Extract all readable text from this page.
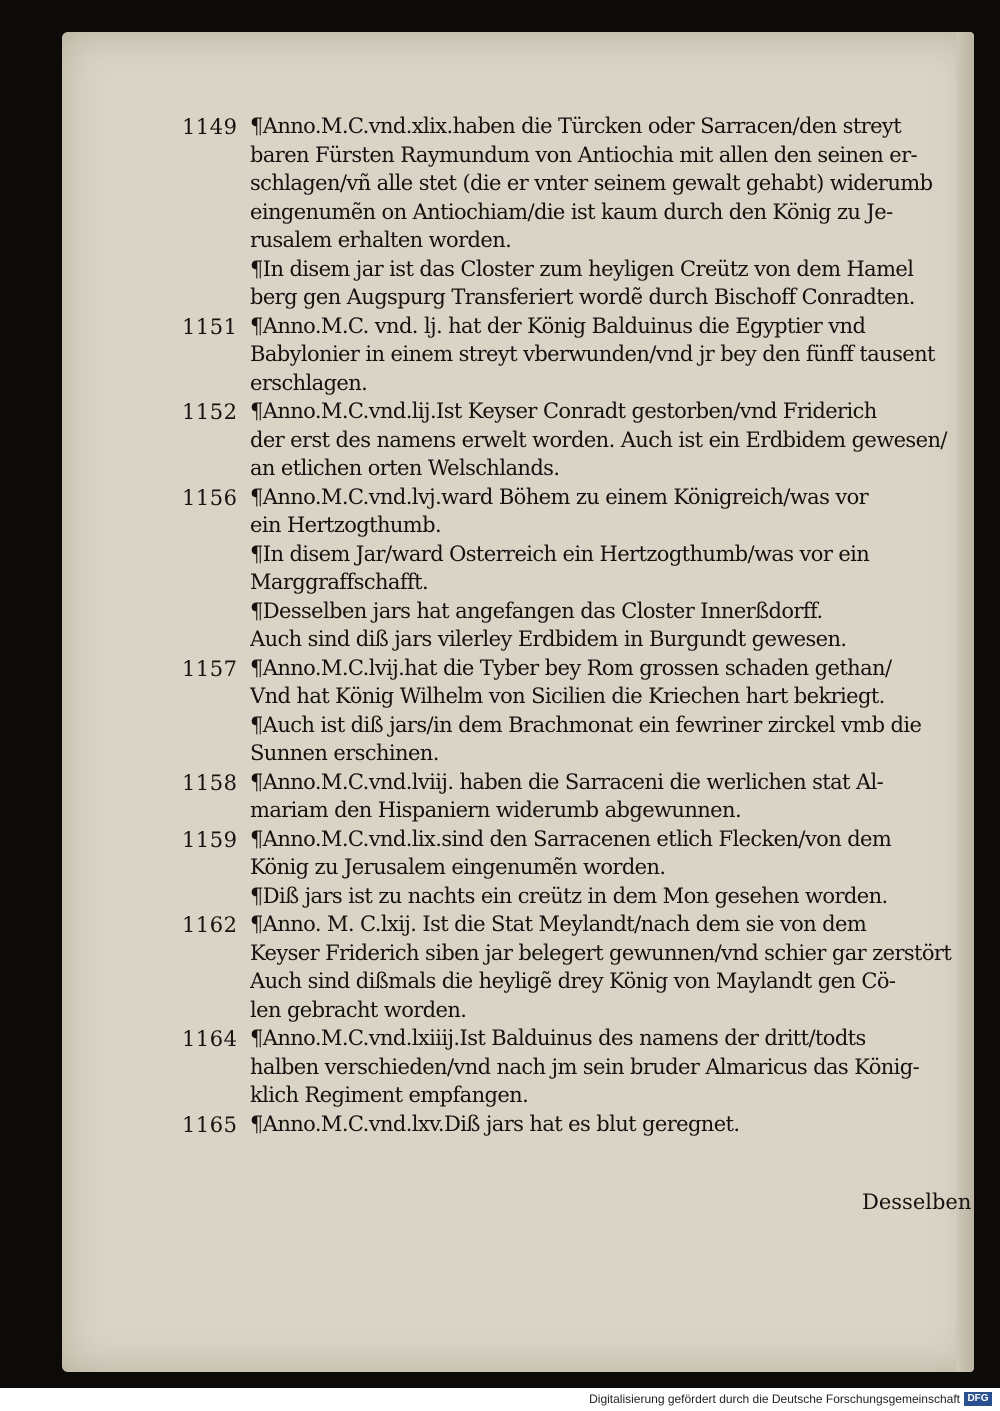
1149 ¶Anno.M.C.vnd.xlix.haben die Türcken oder Sarracen/den streyt
baren Fürsten Raymundum von Antiochia mit allen den seinen er-
schlagen/vñ alle stet (die er vnter seinem gewalt gehabt) widerumb
eingenumẽn on Antiochiam/die ist kaum durch den König zu Je-
rusalem erhalten worden.
¶In disem jar ist das Closter zum heyligen Creütz von dem Hamel
berg gen Augspurg Transferiert wordẽ durch Bischoff Conradten.
1151 ¶Anno.M.C. vnd. lj. hat der König Balduinus die Egyptier vnd
Babylonier in einem streyt vberwunden/vnd jr bey den fünff tausent
erschlagen.
1152 ¶Anno.M.C.vnd.lij.Ist Keyser Conradt gestorben/vnd Friderich
der erst des namens erwelt worden. Auch ist ein Erdbidem gewesen/
an etlichen orten Welschlands.
1156 ¶Anno.M.C.vnd.lvj.ward Böhem zu einem Königreich/was vor
ein Hertzogthumb.
¶In disem Jar/ward Osterreich ein Hertzogthumb/was vor ein
Marggraffschafft.
¶Desselben jars hat angefangen das Closter Innerßdorff.
Auch sind diß jars vilerley Erdbidem in Burgundt gewesen.
1157 ¶Anno.M.C.lvij.hat die Tyber bey Rom grossen schaden gethan/
Vnd hat König Wilhelm von Sicilien die Kriechen hart bekriegt.
¶Auch ist diß jars/in dem Brachmonat ein fewriner zirckel vmb die
Sunnen erschinen.
1158 ¶Anno.M.C.vnd.lviij. haben die Sarraceni die werlichen stat Al-
mariam den Hispaniern widerumb abgewunnen.
1159 ¶Anno.M.C.vnd.lix.sind den Sarracenen etlich Flecken/von dem
König zu Jerusalem eingenumẽn worden.
¶Diß jars ist zu nachts ein creütz in dem Mon gesehen worden.
1162 ¶Anno. M. C.lxij. Ist die Stat Meylandt/nach dem sie von dem
Keyser Friderich siben jar belegert gewunnen/vnd schier gar zerstört
Auch sind dißmals die heyligẽ drey König von Maylandt gen Cö-
len gebracht worden.
1164 ¶Anno.M.C.vnd.lxiiij.Ist Balduinus des namens der dritt/todts
halben verschieden/vnd nach jm sein bruder Almaricus das König-
klich Regiment empfangen.
1165 ¶Anno.M.C.vnd.lxv.Diß jars hat es blut geregnet.
Desselben
Digitalisierung gefördert durch die Deutsche Forschungsgemeinschaft DFG
